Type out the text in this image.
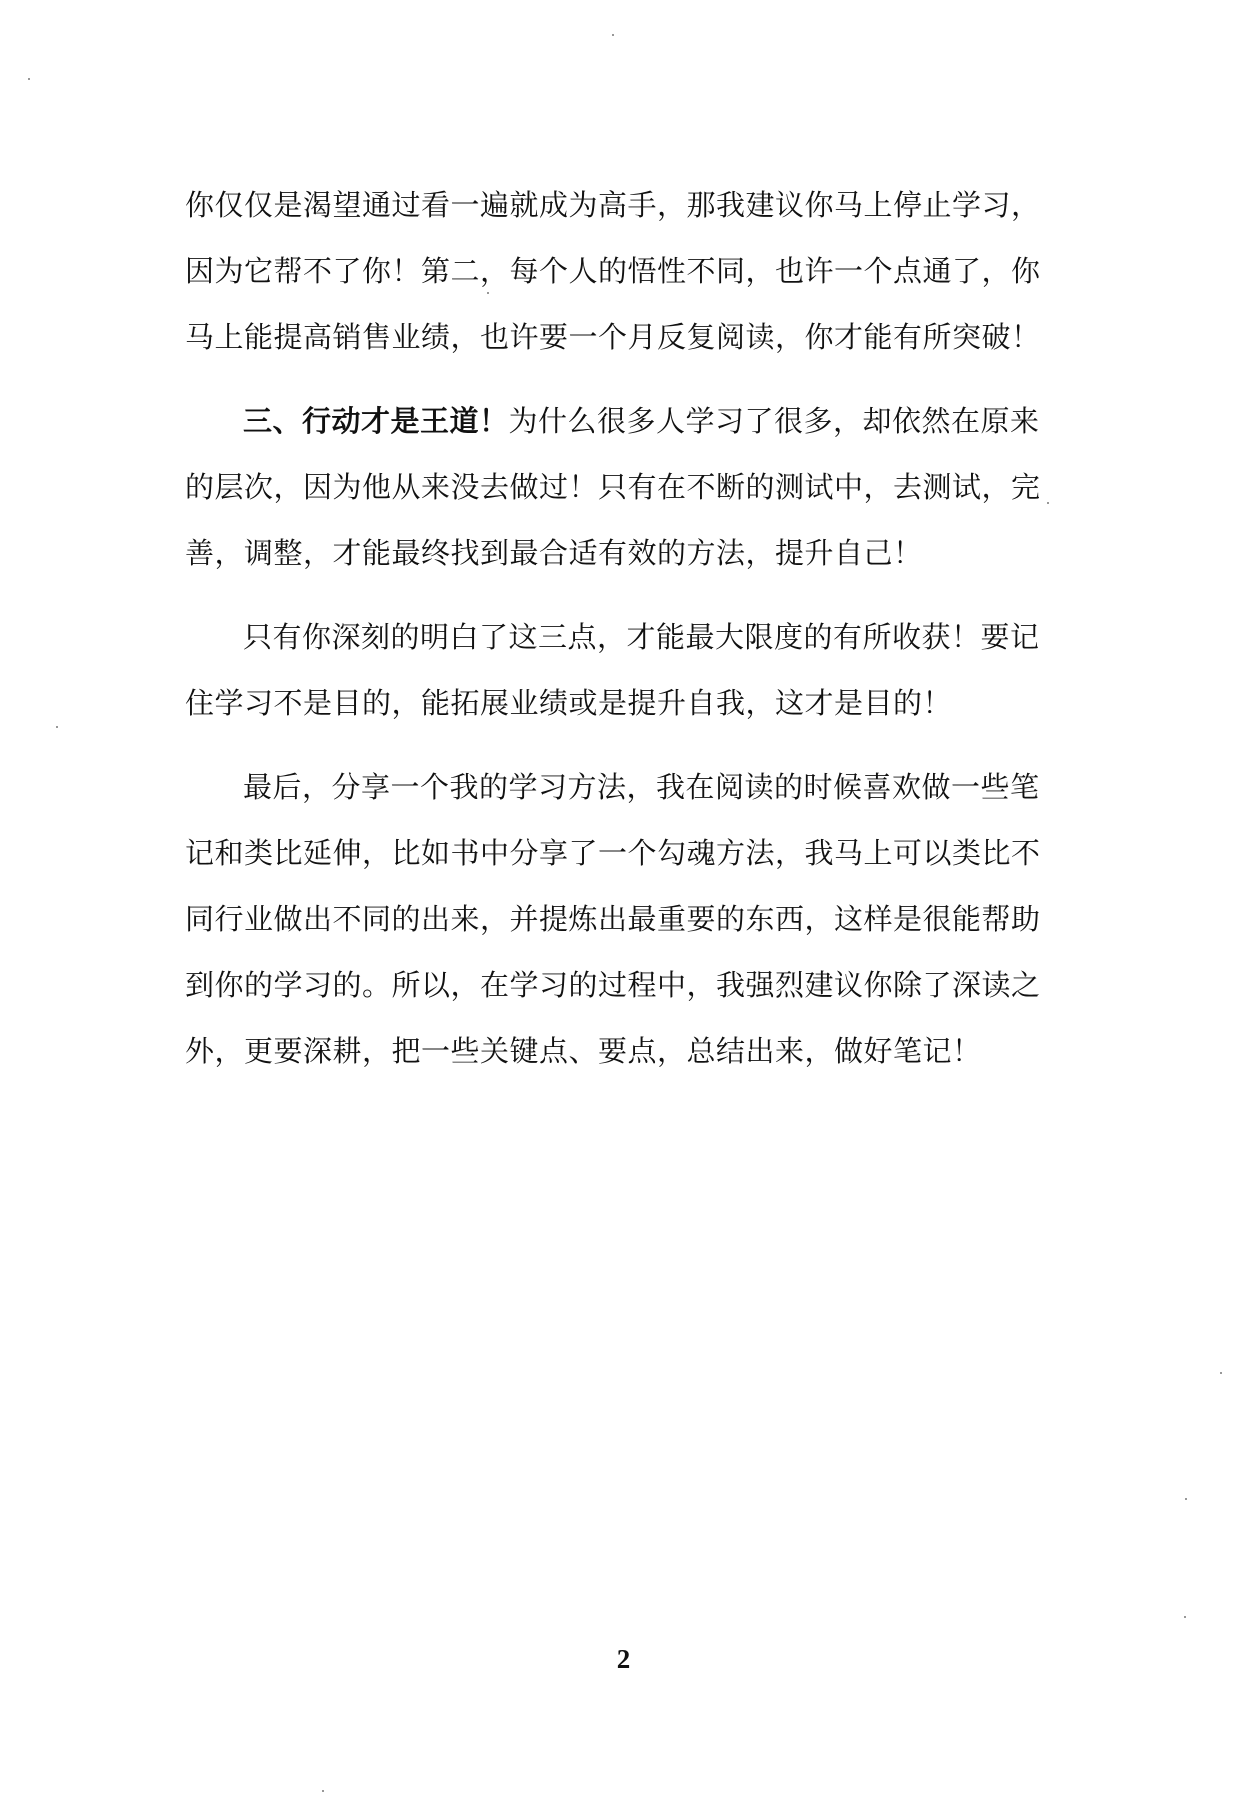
你仅仅是渴望通过看一遍就成为高手，那我建议你马上停止学习，因为它帮不了你！第二，每个人的悟性不同，也许一个点通了，你马上能提高销售业绩，也许要一个月反复阅读，你才能有所突破！

三、行动才是王道！为什么很多人学习了很多，却依然在原来的层次，因为他从来没去做过！只有在不断的测试中，去测试，完善，调整，才能最终找到最合适有效的方法，提升自己！

只有你深刻的明白了这三点，才能最大限度的有所收获！要记住学习不是目的，能拓展业绩或是提升自我，这才是目的！

最后，分享一个我的学习方法，我在阅读的时候喜欢做一些笔记和类比延伸，比如书中分享了一个勾魂方法，我马上可以类比不同行业做出不同的出来，并提炼出最重要的东西，这样是很能帮助到你的学习的。所以，在学习的过程中，我强烈建议你除了深读之外，更要深耕，把一些关键点、要点，总结出来，做好笔记！

2
